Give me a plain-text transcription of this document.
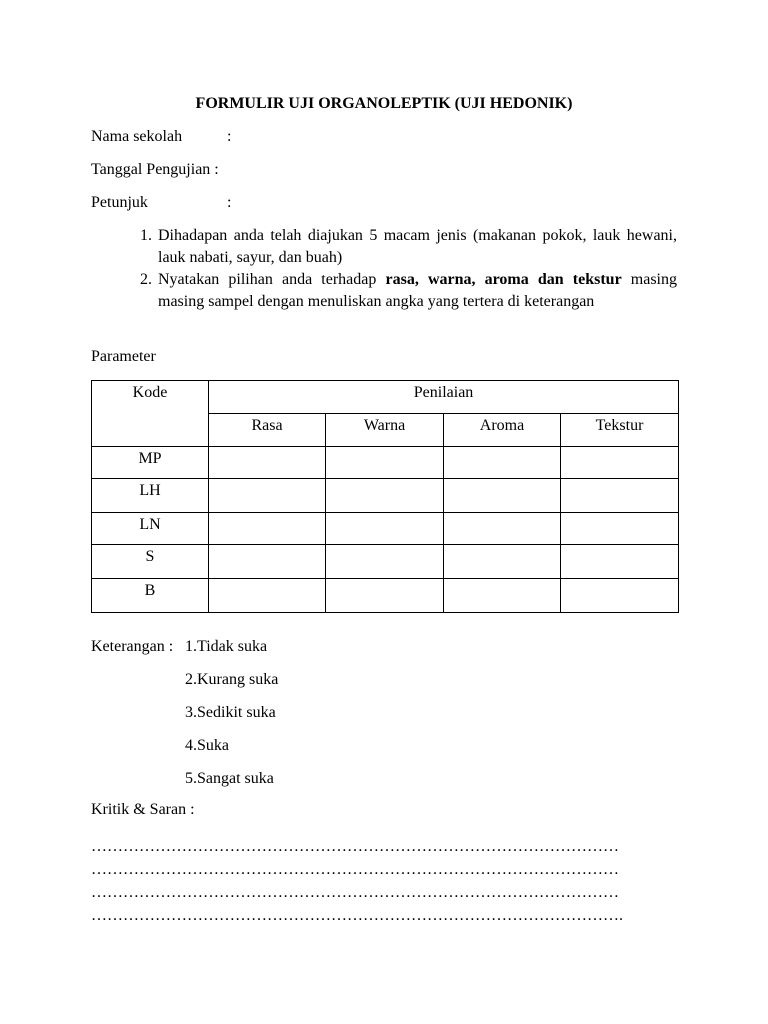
FORMULIR UJI ORGANOLEPTIK (UJI HEDONIK)
Nama sekolah	:
Tanggal Pengujian :
Petunjuk	:
1. Dihadapan anda telah diajukan 5 macam jenis (makanan pokok, lauk hewani, lauk nabati, sayur, dan buah)
2. Nyatakan pilihan anda terhadap rasa, warna, aroma dan tekstur masing masing sampel dengan menuliskan angka yang tertera di keterangan
Parameter
Kode	Penilaian			
	Rasa	Warna	Aroma	Tekstur
MP				
LH				
LN				
S				
B				
Keterangan : 1.Tidak suka
2.Kurang suka
3.Sedikit suka
4.Suka
5.Sangat suka
Kritik & Saran :
………………………………………………………………………………………
………………………………………………………………………………………
………………………………………………………………………………………
……………………………………………………………………………………….
